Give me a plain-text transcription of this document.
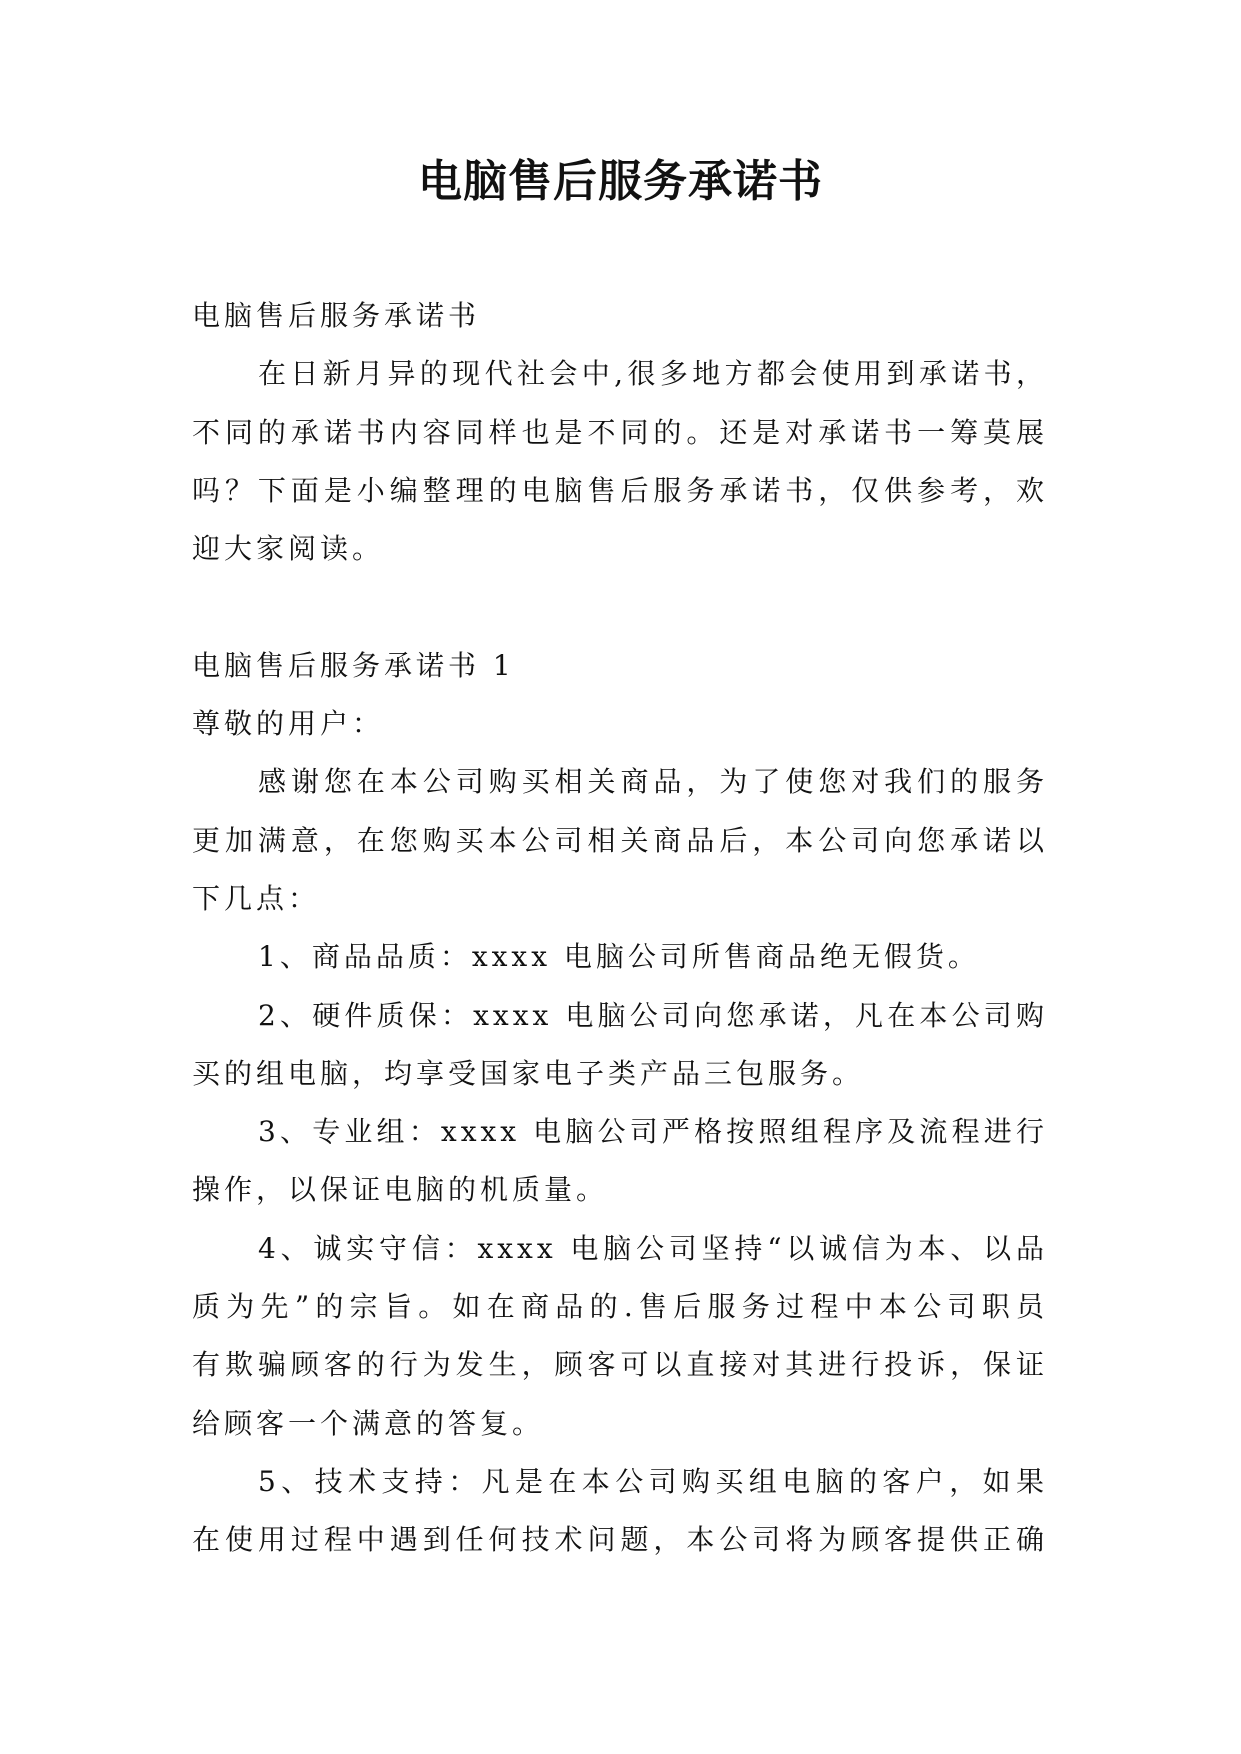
电脑售后服务承诺书
电脑售后服务承诺书
在日新月异的现代社会中,很多地方都会使用到承诺书，
不同的承诺书内容同样也是不同的。还是对承诺书一筹莫展
吗？下面是小编整理的电脑售后服务承诺书，仅供参考，欢
迎大家阅读。
电脑售后服务承诺书 1
尊敬的用户：
感谢您在本公司购买相关商品，为了使您对我们的服务
更加满意，在您购买本公司相关商品后，本公司向您承诺以
下几点：
1、商品品质：xxxx 电脑公司所售商品绝无假货。
2、硬件质保：xxxx 电脑公司向您承诺，凡在本公司购
买的组电脑，均享受国家电子类产品三包服务。
3、专业组：xxxx 电脑公司严格按照组程序及流程进行
操作，以保证电脑的机质量。
4、诚实守信：xxxx 电脑公司坚持“以诚信为本、以品
质为先”的宗旨。如在商品的.售后服务过程中本公司职员
有欺骗顾客的行为发生，顾客可以直接对其进行投诉，保证
给顾客一个满意的答复。
5、技术支持：凡是在本公司购买组电脑的客户，如果
在使用过程中遇到任何技术问题，本公司将为顾客提供正确
